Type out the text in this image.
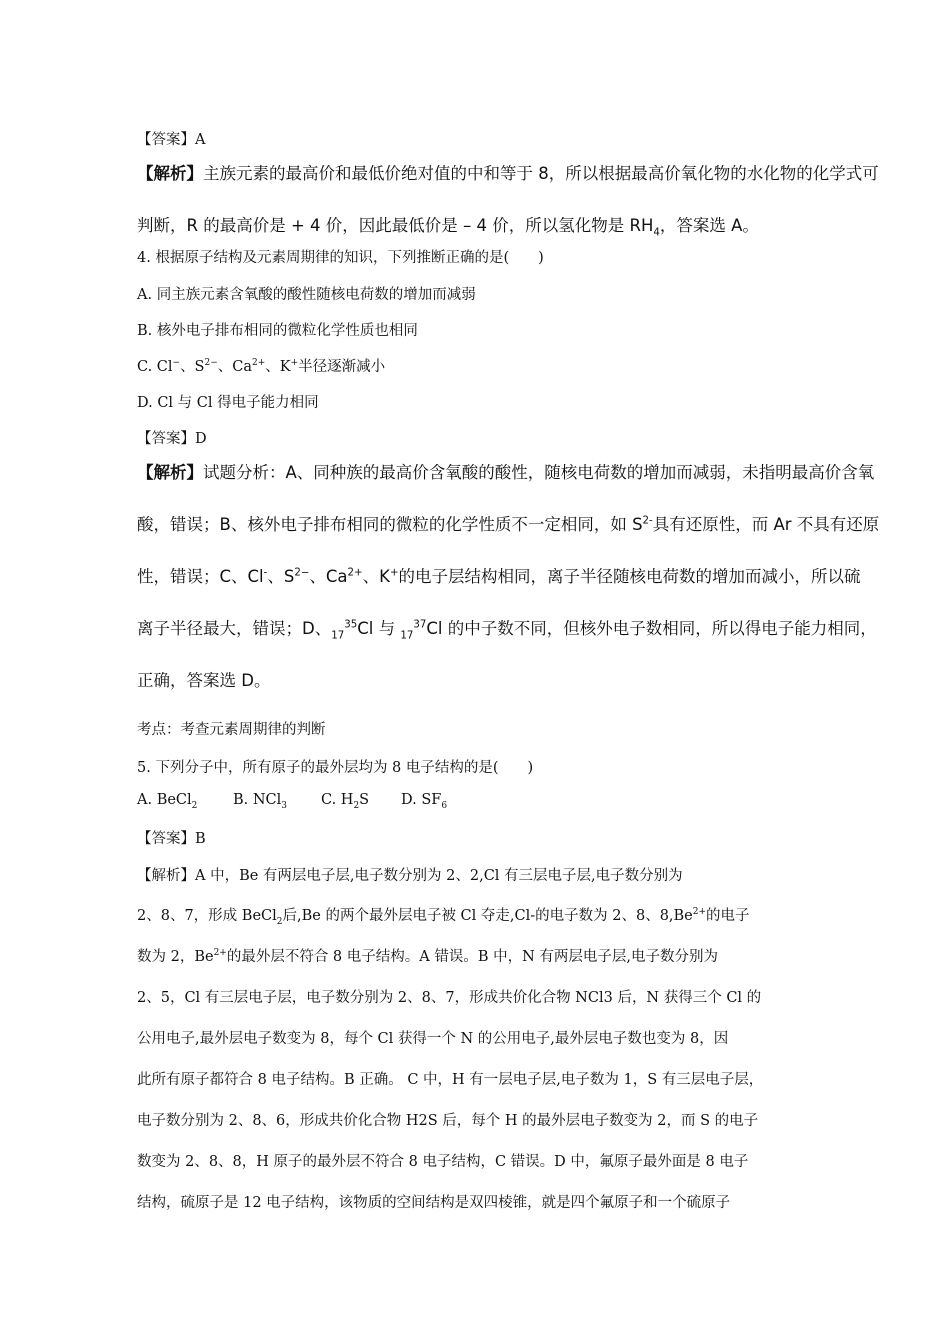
【答案】A
【解析】主族元素的最高价和最低价绝对值的中和等于 8，所以根据最高价氧化物的水化物的化学式可
判断，R 的最高价是 + 4 价，因此最低价是 – 4 价，所以氢化物是 $RH_4$，答案选 A。
4. 根据原子结构及元素周期律的知识，下列推断正确的是(　　)
A. 同主族元素含氧酸的酸性随核电荷数的增加而减弱
B. 核外电子排布相同的微粒化学性质也相同
C. Cl−、$S^{2-}$、$Ca^{2+}$、K+半径逐渐减小
D. Cl 与 Cl 得电子能力相同
【答案】D
【解析】试题分析：A、同种族的最高价含氧酸的酸性，随核电荷数的增加而减弱，未指明最高价含氧
酸，错误；B、核外电子排布相同的微粒的化学性质不一定相同，如 $S^{2-}$具有还原性，而 Ar 不具有还原
性，错误；C、Cl-、$S^{2-}$、$Ca^{2+}$、K+的电子层结构相同，离子半径随核电荷数的增加而减小，所以硫
离子半径最大，错误；D、$_{17}^{35}$Cl 与 $_{17}^{37}$Cl 的中子数不同，但核外电子数相同，所以得电子能力相同，
正确，答案选 D。
考点：考查元素周期律的判断
5. 下列分子中，所有原子的最外层均为 8 电子结构的是(　　)
A. BeCl$_2$ B. NCl$_3$ C. $H_2S$ D. $SF_6$
【答案】B
【解析】A 中，Be 有两层电子层,电子数分别为 2、2,Cl 有三层电子层,电子数分别为
2、8、7，形成 BeCl$_2$后,Be 的两个最外层电子被 Cl 夺走,Cl-的电子数为 2、8、$8,Be^{2+}$的电子
数为 2，$Be^{2+}$的最外层不符合 8 电子结构。A 错误。B 中，N 有两层电子层,电子数分别为
2、5，Cl 有三层电子层，电子数分别为 2、8、7，形成共价化合物 NCl3 后，N 获得三个 Cl 的
公用电子,最外层电子数变为 8，每个 Cl 获得一个 N 的公用电子,最外层电子数也变为 8，因
此所有原子都符合 8 电子结构。B 正确。 C 中，H 有一层电子层,电子数为 1，S 有三层电子层，
电子数分别为 2、8、6，形成共价化合物 H2S 后，每个 H 的最外层电子数变为 2，而 S 的电子
数变为 2、8、8，H 原子的最外层不符合 8 电子结构，C 错误。D 中，氟原子最外面是 8 电子
结构，硫原子是 12 电子结构，该物质的空间结构是双四棱锥，就是四个氟原子和一个硫原子
